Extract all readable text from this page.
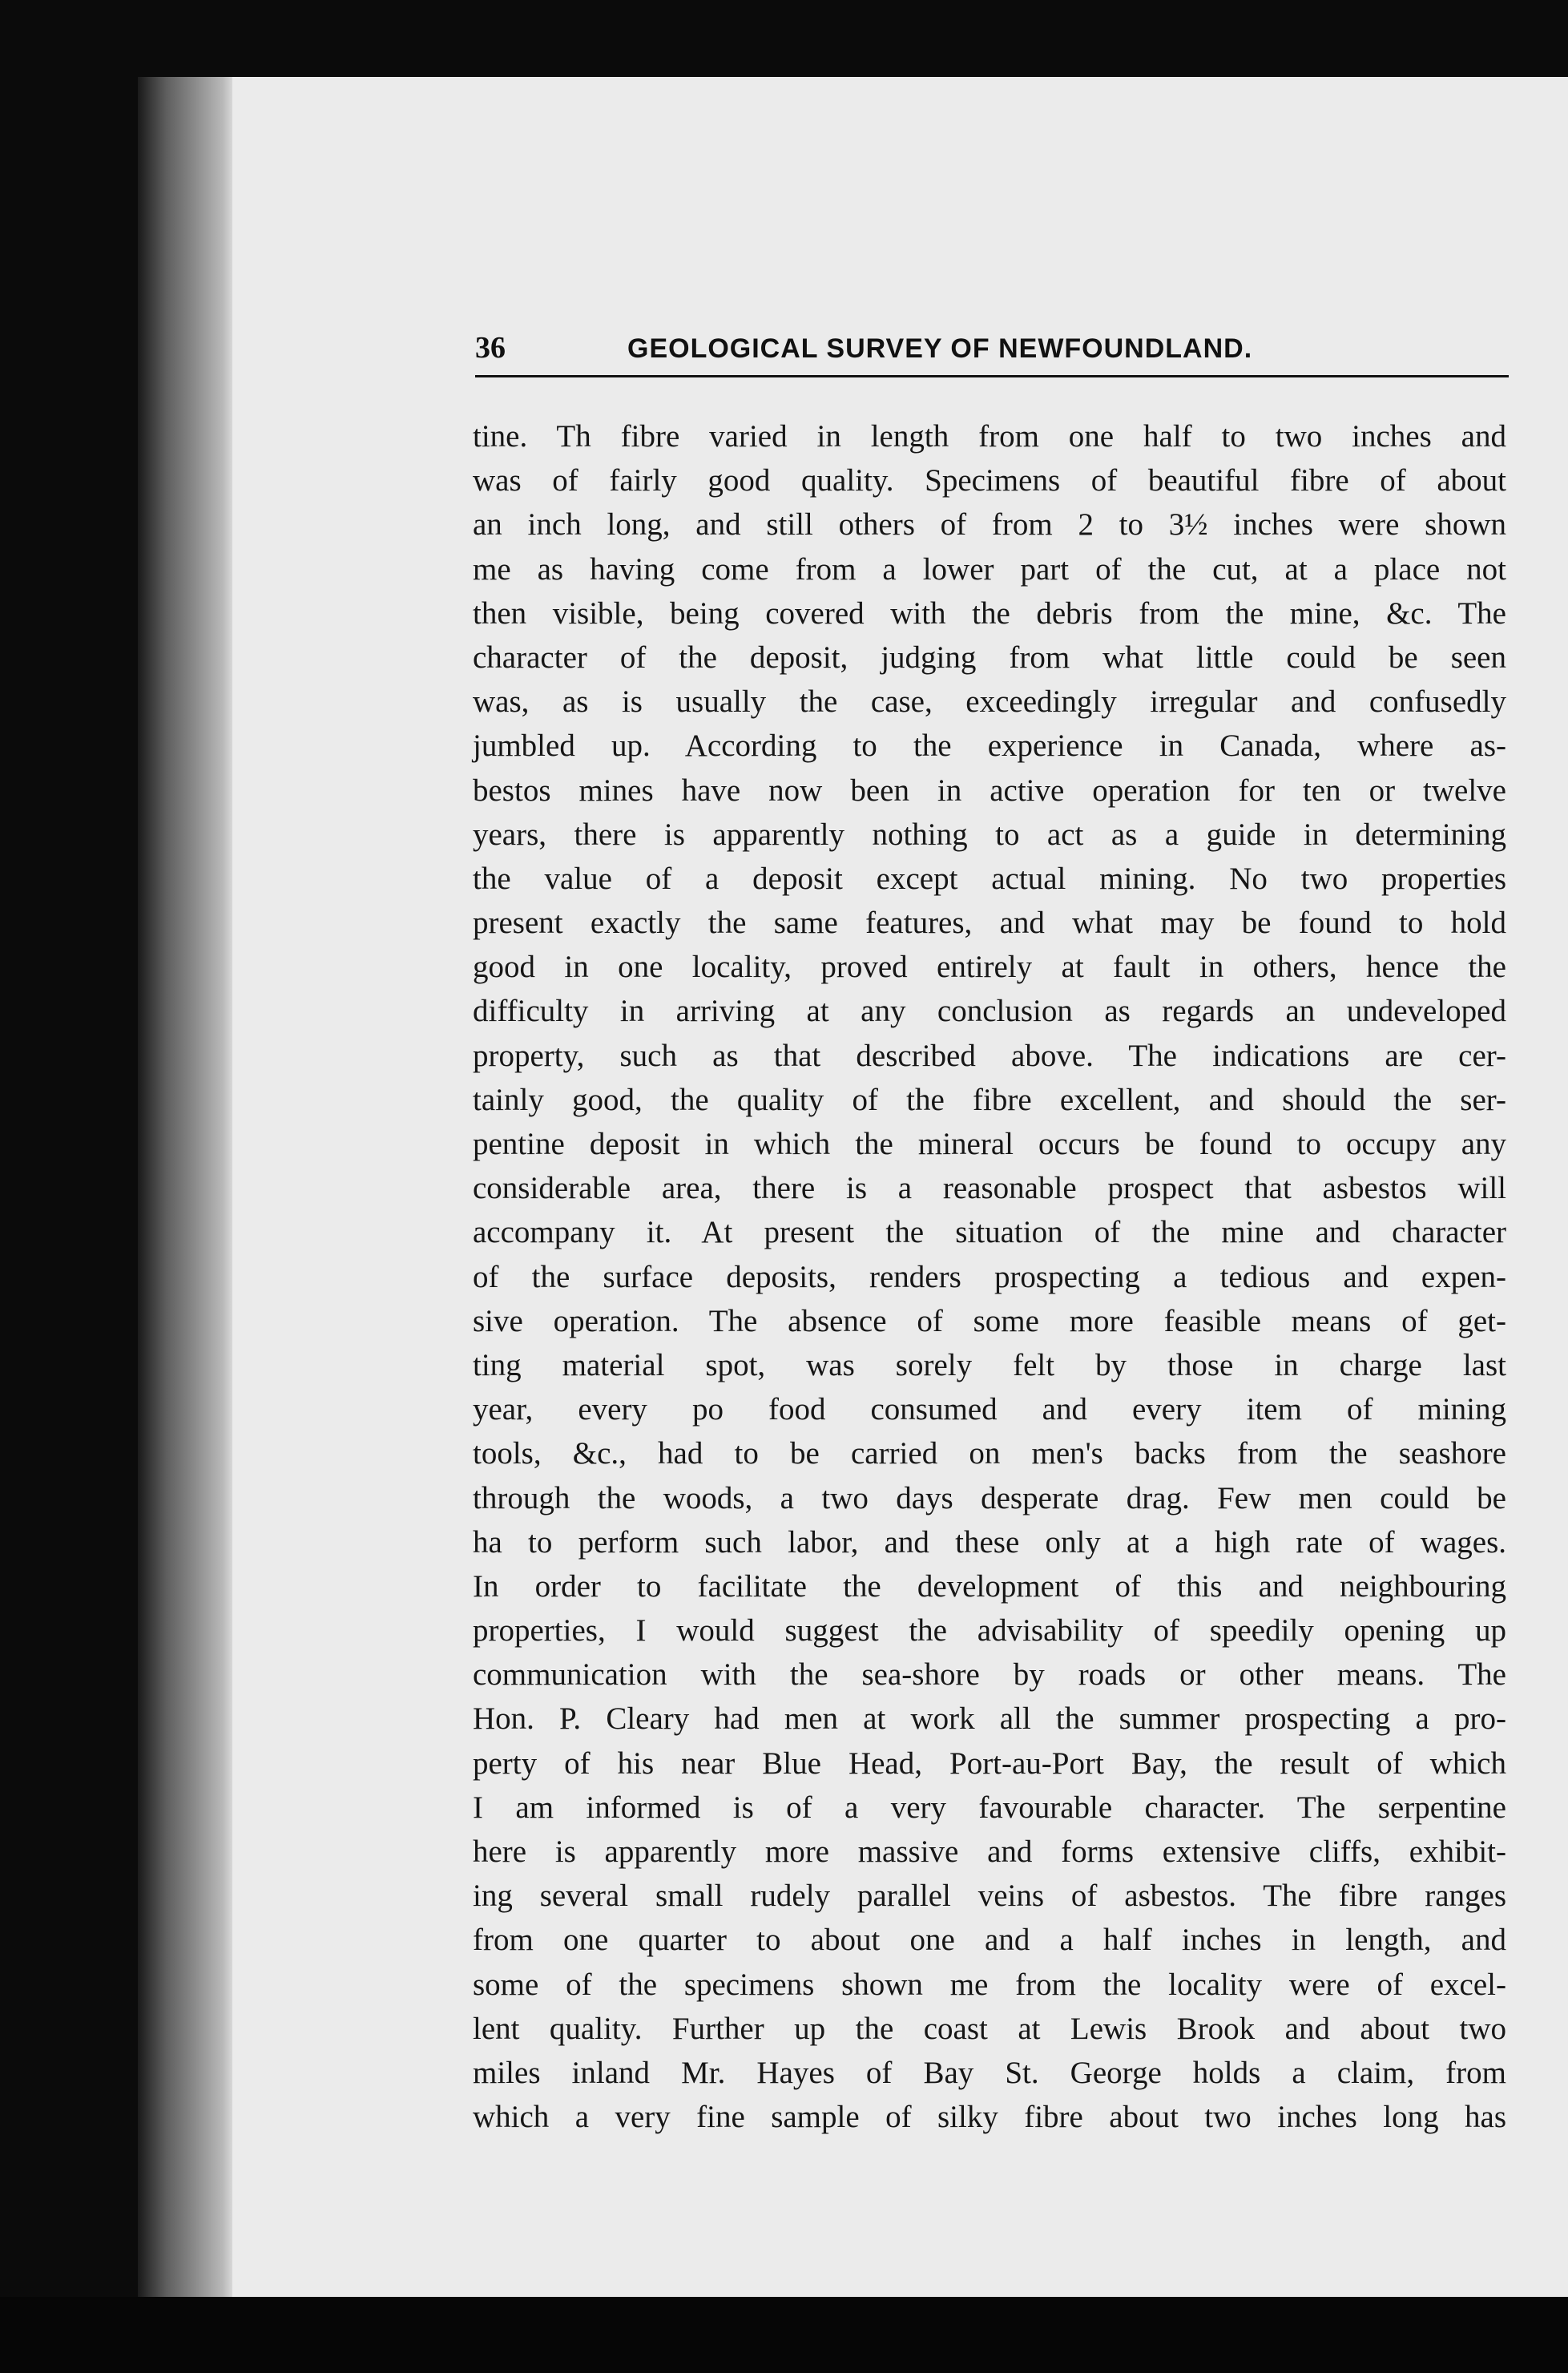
36	GEOLOGICAL SURVEY OF NEWFOUNDLAND.
tine. Th fibre varied in length from one half to two inches and
was of fairly good quality. Specimens of beautiful fibre of about
an inch long, and still others of from 2 to 3½ inches were shown
me as having come from a lower part of the cut, at a place not
then visible, being covered with the debris from the mine, &c. The
character of the deposit, judging from what little could be seen
was, as is usually the case, exceedingly irregular and confusedly
jumbled up. According to the experience in Canada, where as-
bestos mines have now been in active operation for ten or twelve
years, there is apparently nothing to act as a guide in determining
the value of a deposit except actual mining. No two properties
present exactly the same features, and what may be found to hold
good in one locality, proved entirely at fault in others, hence the
difficulty in arriving at any conclusion as regards an undeveloped
property, such as that described above. The indications are cer-
tainly good, the quality of the fibre excellent, and should the ser-
pentine deposit in which the mineral occurs be found to occupy any
considerable area, there is a reasonable prospect that asbestos will
accompany it. At present the situation of the mine and character
of the surface deposits, renders prospecting a tedious and expen-
sive operation. The absence of some more feasible means of get-
ting material spot, was sorely felt by those in charge last
year, every po food consumed and every item of mining
tools, &c., had to be carried on men's backs from the seashore
through the woods, a two days desperate drag. Few men could be
ha to perform such labor, and these only at a high rate of wages.
In order to facilitate the development of this and neighbouring
properties, I would suggest the advisability of speedily opening up
communication with the sea-shore by roads or other means. The
Hon. P. Cleary had men at work all the summer prospecting a pro-
perty of his near Blue Head, Port-au-Port Bay, the result of which
I am informed is of a very favourable character. The serpentine
here is apparently more massive and forms extensive cliffs, exhibit-
ing several small rudely parallel veins of asbestos. The fibre ranges
from one quarter to about one and a half inches in length, and
some of the specimens shown me from the locality were of excel-
lent quality. Further up the coast at Lewis Brook and about two
miles inland Mr. Hayes of Bay St. George holds a claim, from
which a very fine sample of silky fibre about two inches long has
